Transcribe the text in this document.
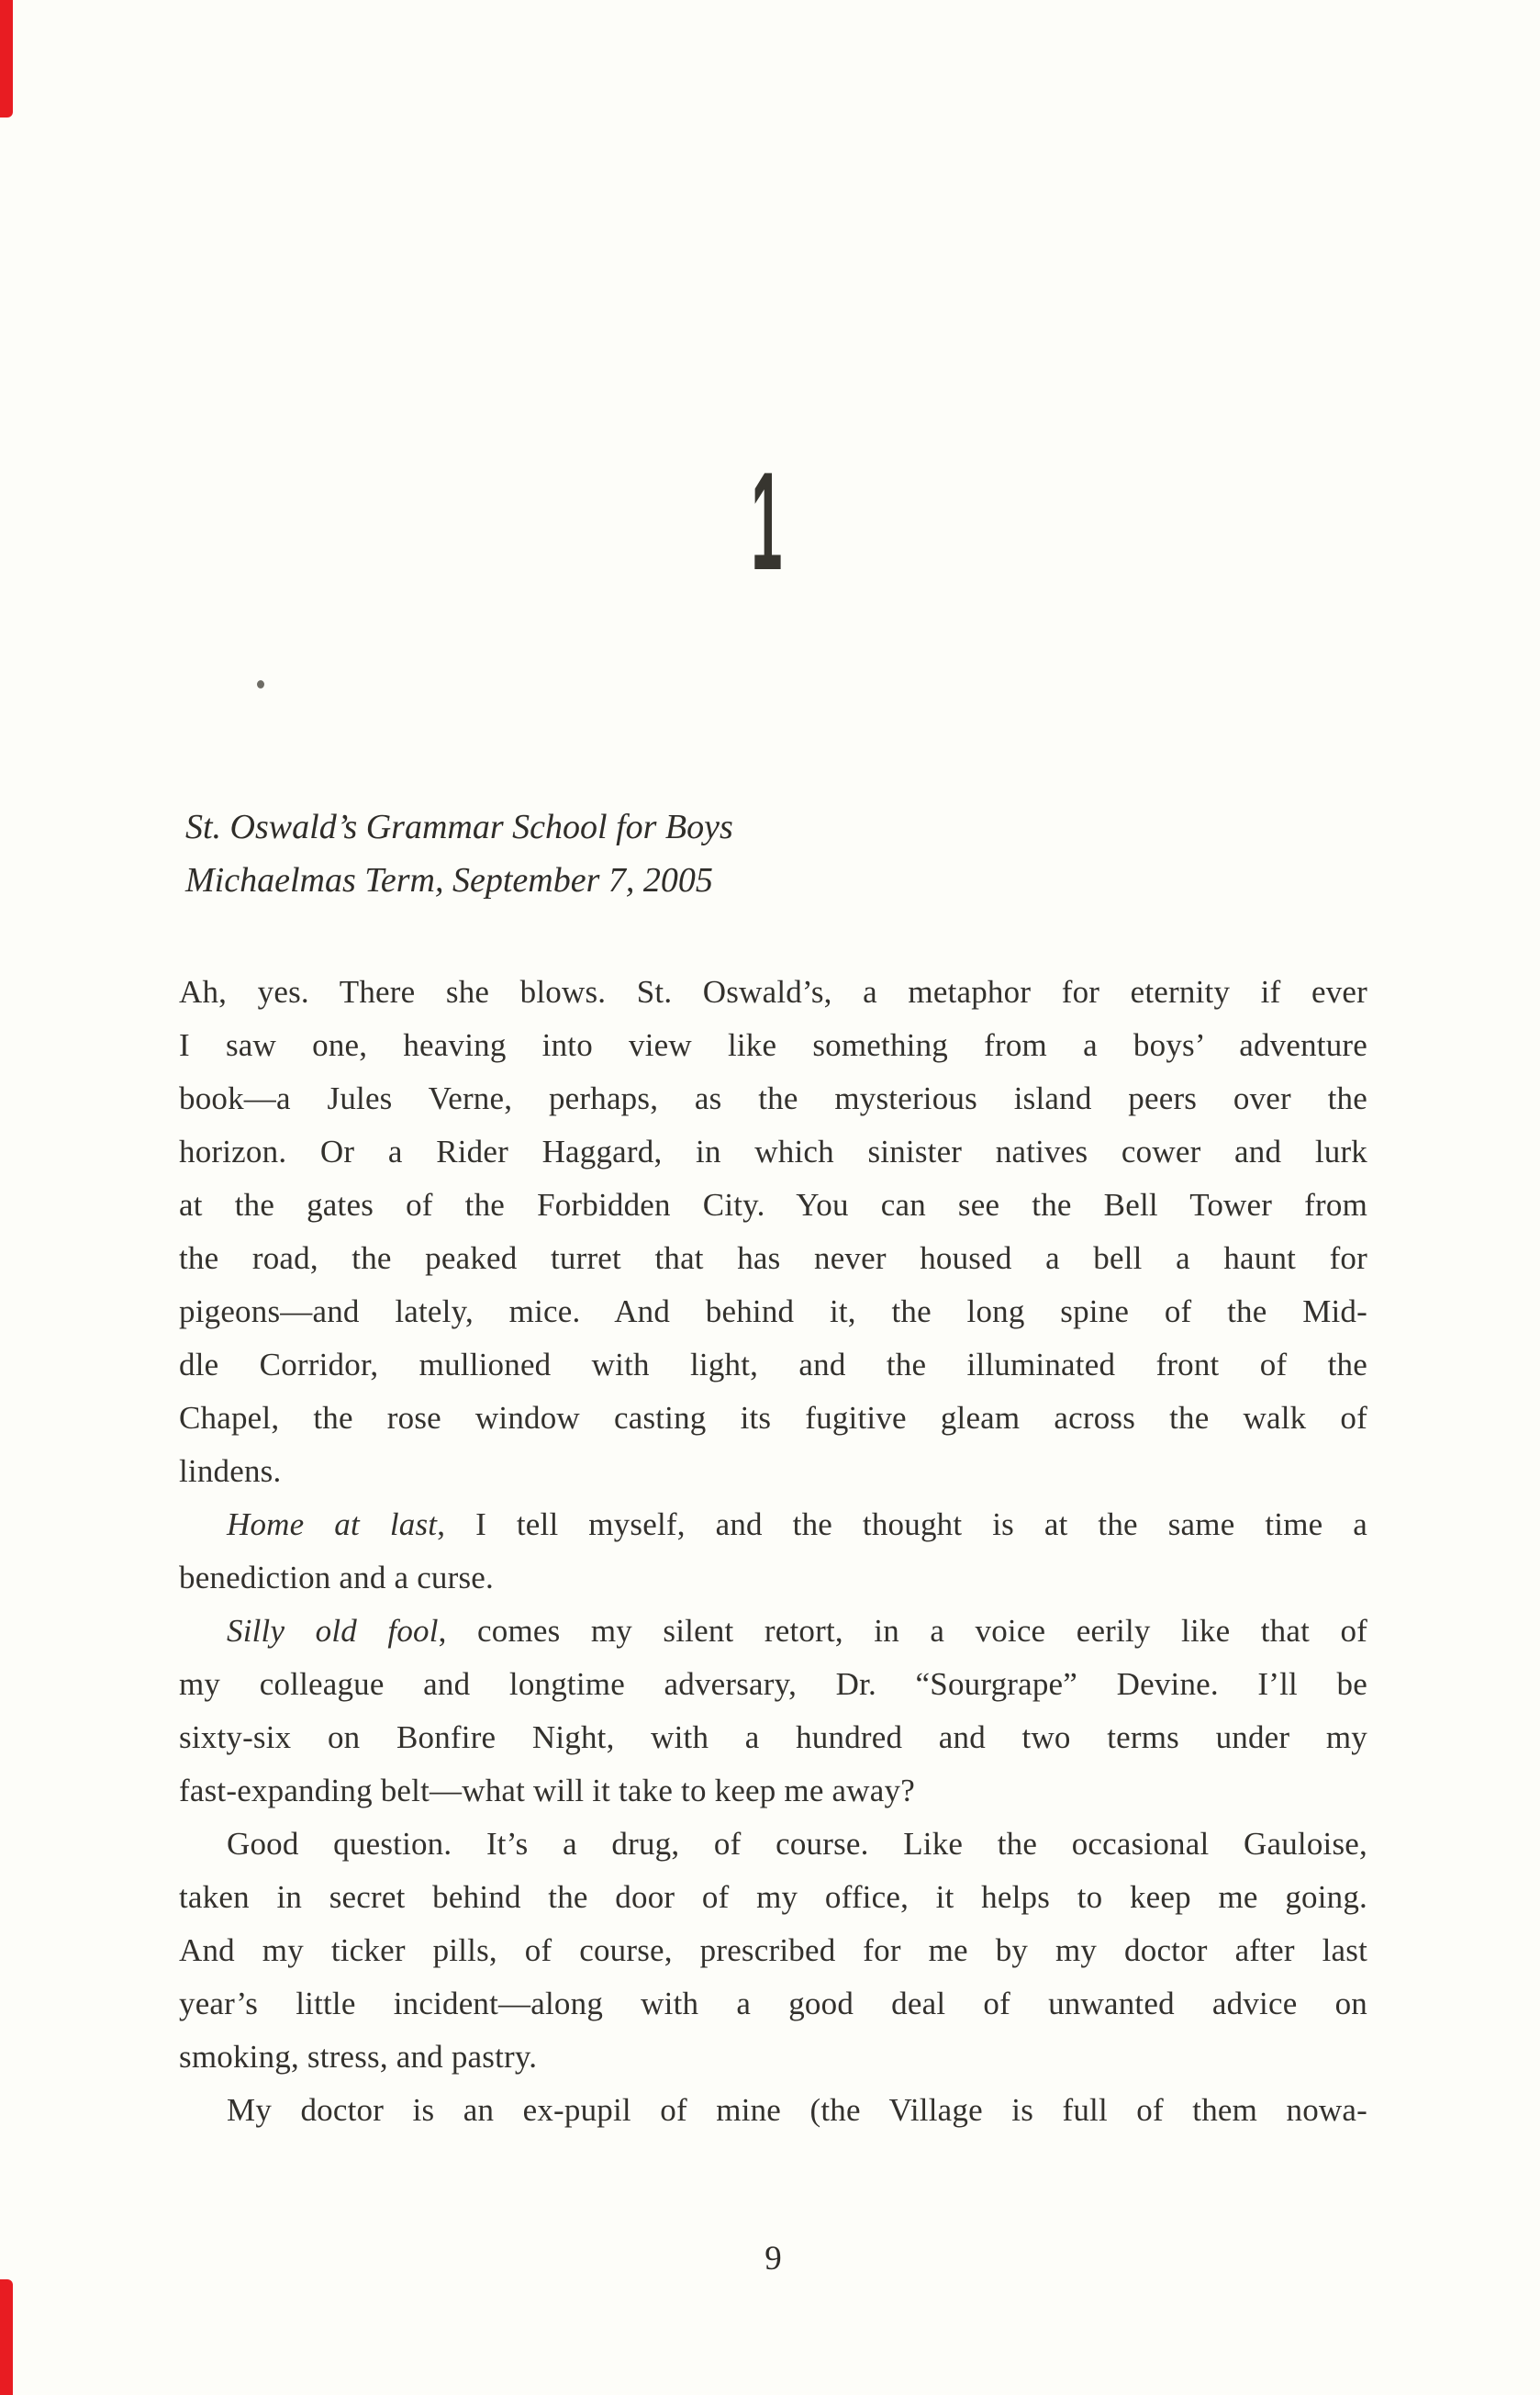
1
St. Oswald’s Grammar School for Boys
Michaelmas Term, September 7, 2005
Ah, yes. There she blows. St. Oswald’s, a metaphor for eternity if ever
I saw one, heaving into view like something from a boys’ adventure
book—a Jules Verne, perhaps, as the mysterious island peers over the
horizon. Or a Rider Haggard, in which sinister natives cower and lurk
at the gates of the Forbidden City. You can see the Bell Tower from
the road, the peaked turret that has never housed a bell a haunt for
pigeons—and lately, mice. And behind it, the long spine of the Mid-
dle Corridor, mullioned with light, and the illuminated front of the
Chapel, the rose window casting its fugitive gleam across the walk of
lindens.
Home at last, I tell myself, and the thought is at the same time a
benediction and a curse.
Silly old fool, comes my silent retort, in a voice eerily like that of
my colleague and longtime adversary, Dr. “Sourgrape” Devine. I’ll be
sixty-six on Bonfire Night, with a hundred and two terms under my
fast-expanding belt—what will it take to keep me away?
Good question. It’s a drug, of course. Like the occasional Gauloise,
taken in secret behind the door of my office, it helps to keep me going.
And my ticker pills, of course, prescribed for me by my doctor after last
year’s little incident—along with a good deal of unwanted advice on
smoking, stress, and pastry.
My doctor is an ex-pupil of mine (the Village is full of them nowa-
9
